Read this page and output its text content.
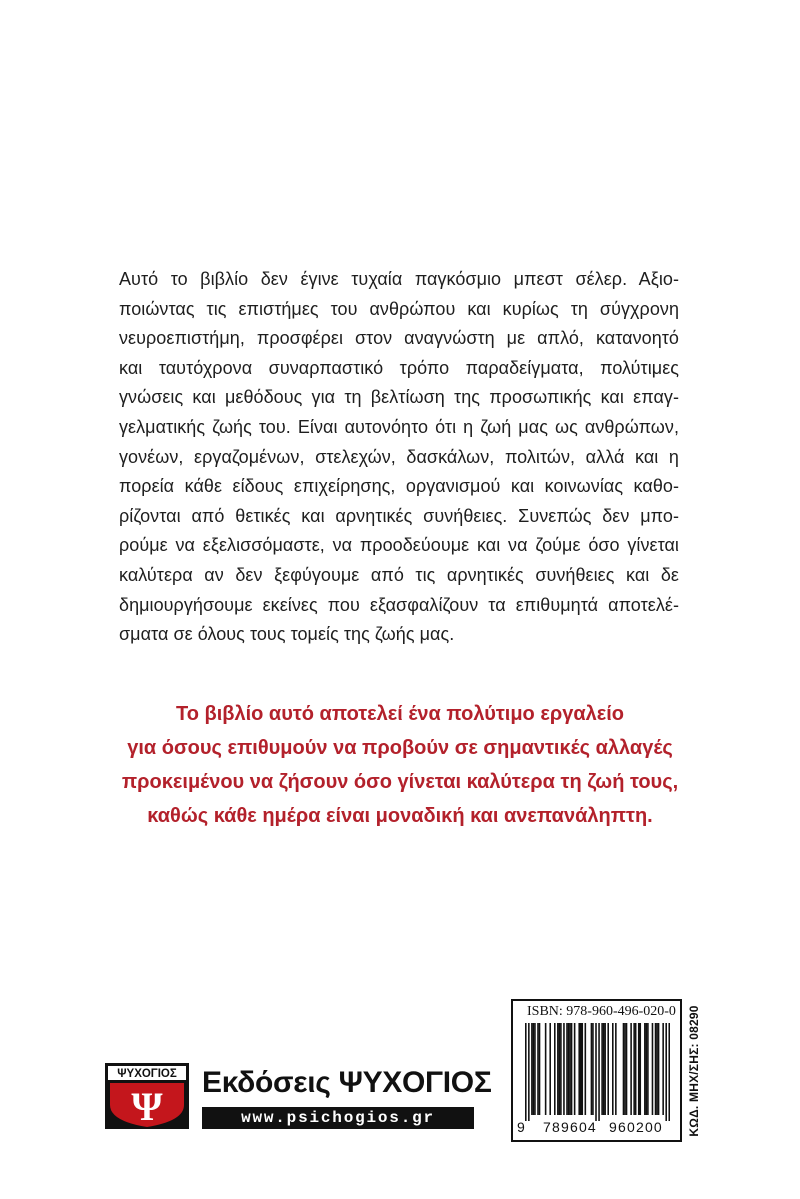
Αυτό το βιβλίο δεν έγινε τυχαία παγκόσμιο μπεστ σέλερ. Αξιο-
ποιώντας τις επιστήμες του ανθρώπου και κυρίως τη σύγχρονη
νευροεπιστήμη, προσφέρει στον αναγνώστη με απλό, κατανοητό
και ταυτόχρονα συναρπαστικό τρόπο παραδείγματα, πολύτιμες
γνώσεις και μεθόδους για τη βελτίωση της προσωπικής και επαγ-
γελματικής ζωής του. Είναι αυτονόητο ότι η ζωή μας ως ανθρώπων,
γονέων, εργαζομένων, στελεχών, δασκάλων, πολιτών, αλλά και η
πορεία κάθε είδους επιχείρησης, οργανισμού και κοινωνίας καθο-
ρίζονται από θετικές και αρνητικές συνήθειες. Συνεπώς δεν μπο-
ρούμε να εξελισσόμαστε, να προοδεύουμε και να ζούμε όσο γίνεται
καλύτερα αν δεν ξεφύγουμε από τις αρνητικές συνήθειες και δε
δημιουργήσουμε εκείνες που εξασφαλίζουν τα επιθυμητά αποτελέ-
σματα σε όλους τους τομείς της ζωής μας.
Το βιβλίο αυτό αποτελεί ένα πολύτιμο εργαλείο
για όσους επιθυμούν να προβούν σε σημαντικές αλλαγές
προκειμένου να ζήσουν όσο γίνεται καλύτερα τη ζωή τους,
καθώς κάθε ημέρα είναι μοναδική και ανεπανάληπτη.
ΨΥΧΟΓΙΟΣ
Ψ
Εκδόσεις ΨΥΧΟΓΙΟΣ
www.psichogios.gr
ISBN: 978-960-496-020-0
9 789604 960200 ΚΩΔ. ΜΗΧ/ΣΗΣ: 08290
